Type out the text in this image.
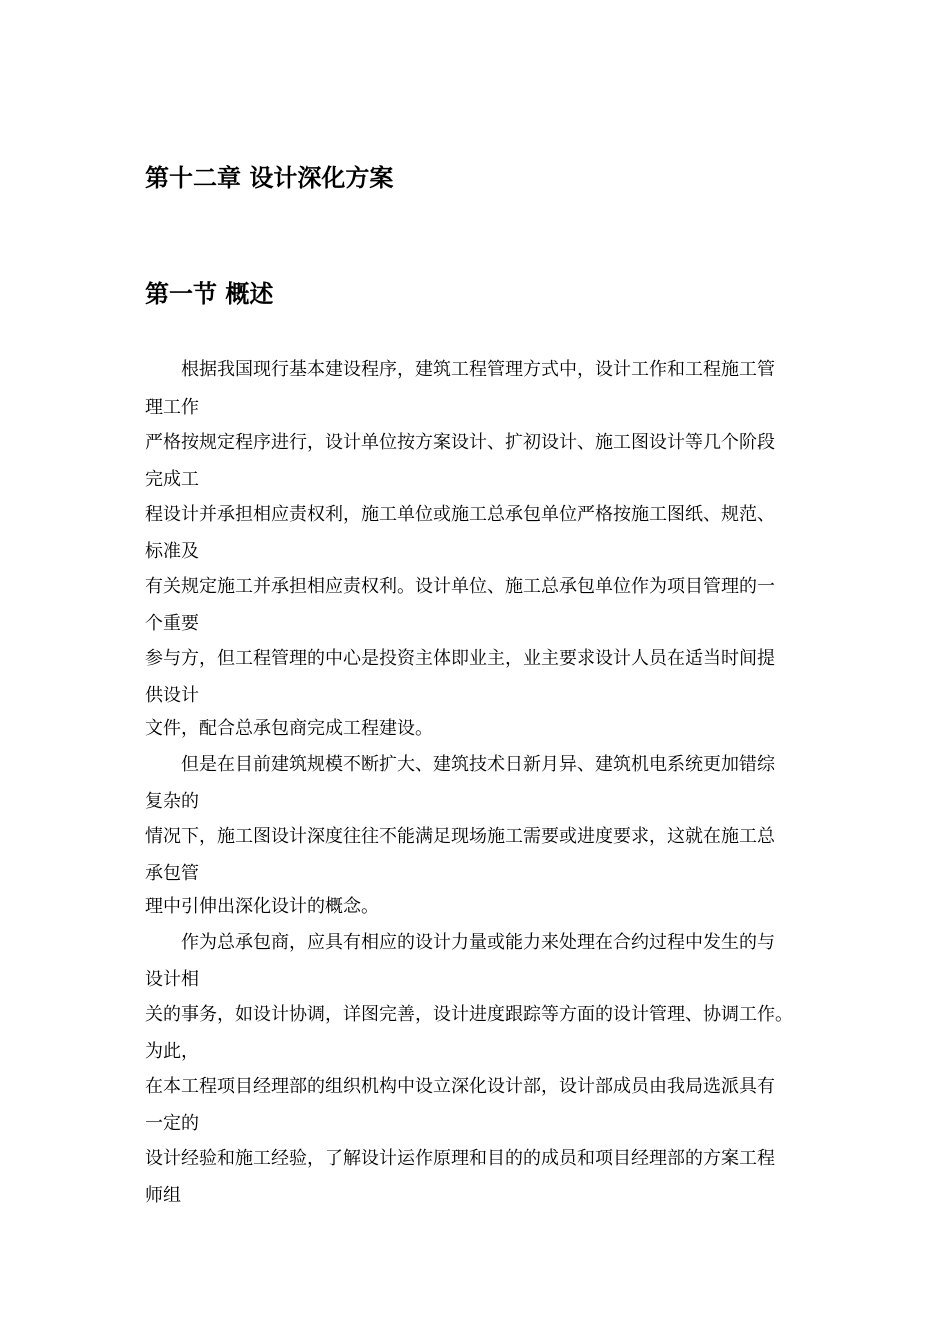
第十二章 设计深化方案
第一节 概述

根据我国现行基本建设程序，建筑工程管理方式中，设计工作和工程施工管

理工作

严格按规定程序进行，设计单位按方案设计、扩初设计、施工图设计等几个阶段

完成工

程设计并承担相应责权利，施工单位或施工总承包单位严格按施工图纸、规范、

标准及

有关规定施工并承担相应责权利。设计单位、施工总承包单位作为项目管理的一

个重要

参与方，但工程管理的中心是投资主体即业主，业主要求设计人员在适当时间提

供设计

文件，配合总承包商完成工程建设。

但是在目前建筑规模不断扩大、建筑技术日新月异、建筑机电系统更加错综

复杂的

情况下，施工图设计深度往往不能满足现场施工需要或进度要求，这就在施工总

承包管

理中引伸出深化设计的概念。

作为总承包商，应具有相应的设计力量或能力来处理在合约过程中发生的与

设计相

关的事务，如设计协调，详图完善，设计进度跟踪等方面的设计管理、协调工作。

为此，

在本工程项目经理部的组织机构中设立深化设计部，设计部成员由我局选派具有

一定的

设计经验和施工经验，了解设计运作原理和目的的成员和项目经理部的方案工程

师组
